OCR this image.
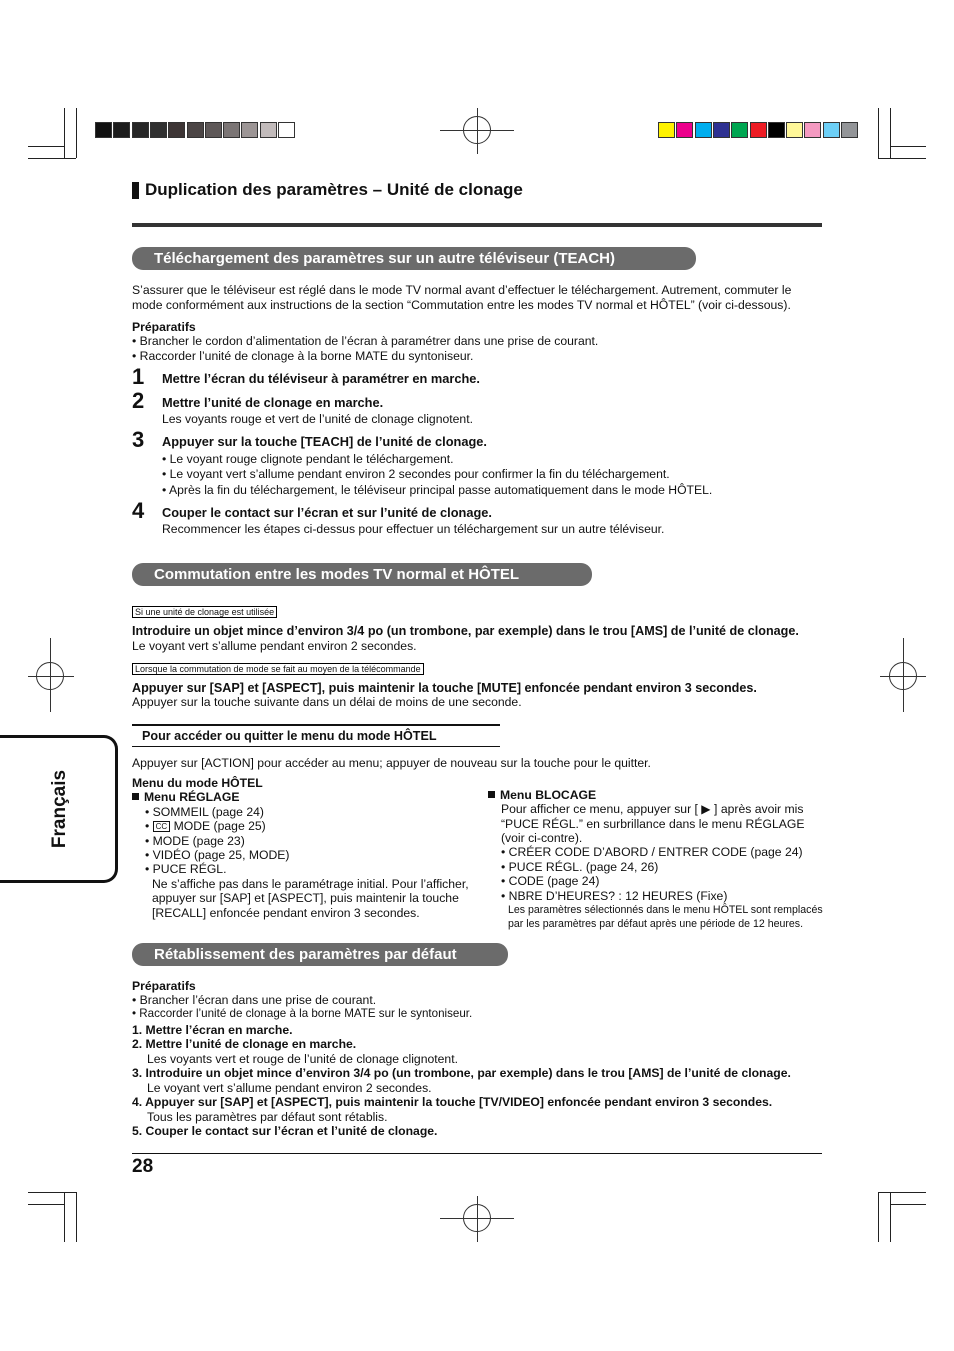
Duplication des paramètres – Unité de clonage
Français
Téléchargement des paramètres sur un autre téléviseur (TEACH)
S’assurer que le téléviseur est réglé dans le mode TV normal avant d’effectuer le téléchargement. Autrement, commuter le
mode conformément aux instructions de la section “Commutation entre les modes TV normal et HÔTEL” (voir ci-dessous).
Préparatifs
• Brancher le cordon d’alimentation de l’écran à paramétrer dans une prise de courant.
• Raccorder l’unité de clonage à la borne MATE du syntoniseur.
1 Mettre l’écran du téléviseur à paramétrer en marche.
2 Mettre l’unité de clonage en marche.
Les voyants rouge et vert de l’unité de clonage clignotent.
3 Appuyer sur la touche [TEACH] de l’unité de clonage.
• Le voyant rouge clignote pendant le téléchargement.
• Le voyant vert s’allume pendant environ 2 secondes pour confirmer la fin du téléchargement.
• Après la fin du téléchargement, le téléviseur principal passe automatiquement dans le mode HÔTEL.
4 Couper le contact sur l’écran et sur l’unité de clonage.
Recommencer les étapes ci-dessus pour effectuer un téléchargement sur un autre téléviseur.
Commutation entre les modes TV normal et HÔTEL
Si une unité de clonage est utilisée
Introduire un objet mince d’environ 3/4 po (un trombone, par exemple) dans le trou [AMS] de l’unité de clonage.
Le voyant vert s’allume pendant environ 2 secondes.
Lorsque la commutation de mode se fait au moyen de la télécommande
Appuyer sur [SAP] et [ASPECT], puis maintenir la touche [MUTE] enfoncée pendant environ 3 secondes.
Appuyer sur la touche suivante dans un délai de moins de une seconde.
Pour accéder ou quitter le menu du mode HÔTEL
Appuyer sur [ACTION] pour accéder au menu; appuyer de nouveau sur la touche pour le quitter.
Menu du mode HÔTEL
Menu RÉGLAGE
• SOMMEIL (page 24)
• CC MODE (page 25)
• MODE (page 23)
• VIDÉO (page 25, MODE)
• PUCE RÉGL.
Ne s’affiche pas dans le paramétrage initial. Pour l’afficher,
appuyer sur [SAP] et [ASPECT], puis maintenir la touche
[RECALL] enfoncée pendant environ 3 secondes.
Menu BLOCAGE
Pour afficher ce menu, appuyer sur [ ▶ ] après avoir mis
“PUCE RÉGL.” en surbrillance dans le menu RÉGLAGE
(voir ci-contre).
• CRÉER CODE D’ABORD / ENTRER CODE (page 24)
• PUCE RÉGL. (page 24, 26)
• CODE (page 24)
• NBRE D’HEURES? : 12 HEURES (Fixe)
Les paramètres sélectionnés dans le menu HÔTEL sont remplacés
par les paramètres par défaut après une période de 12 heures.
Rétablissement des paramètres par défaut
Préparatifs
• Brancher l’écran dans une prise de courant.
• Raccorder l’unité de clonage à la borne MATE sur le syntoniseur.
1. Mettre l’écran en marche.
2. Mettre l’unité de clonage en marche.
Les voyants vert et rouge de l’unité de clonage clignotent.
3. Introduire un objet mince d’environ 3/4 po (un trombone, par exemple) dans le trou [AMS] de l’unité de clonage.
Le voyant vert s’allume pendant environ 2 secondes.
4. Appuyer sur [SAP] et [ASPECT], puis maintenir la touche [TV/VIDEO] enfoncée pendant environ 3 secondes.
Tous les paramètres par défaut sont rétablis.
5. Couper le contact sur l’écran et l’unité de clonage.
28
